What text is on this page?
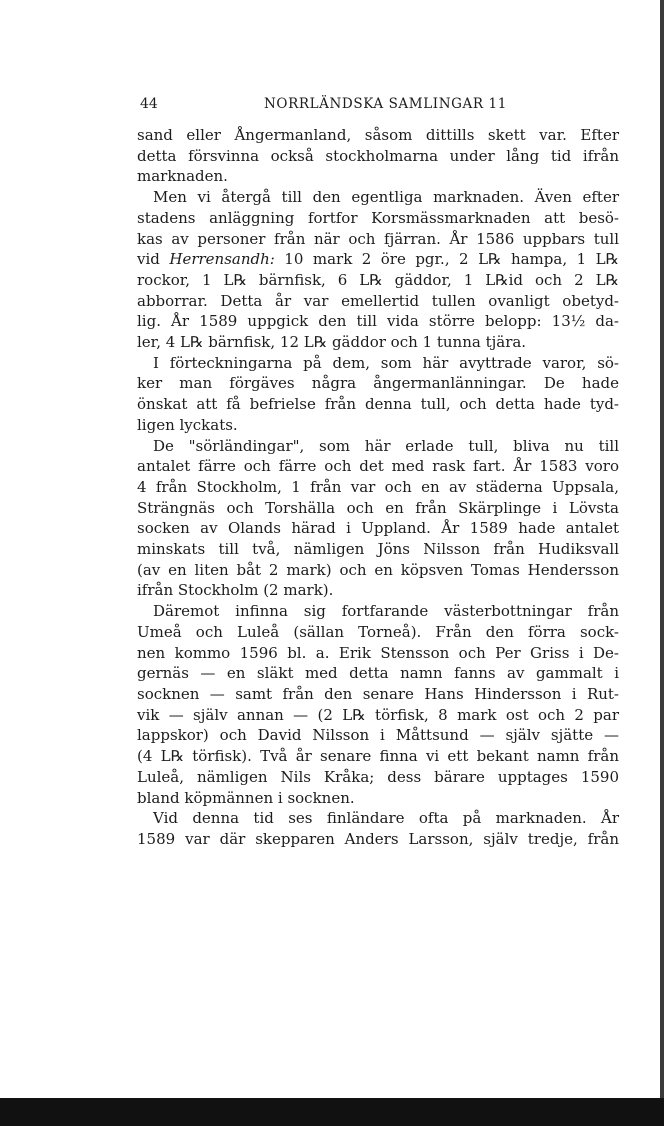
44	NORRLÄNDSKA SAMLINGAR 11
sand eller Ångermanland, såsom dittills skett var. Efter
detta försvinna också stockholmarna under lång tid ifrån
marknaden.
Men vi återgå till den egentliga marknaden. Även efter
stadens anläggning fortfor Korsmässmarknaden att besö-
kas av personer från när och fjärran. År 1586 uppbars tull
vid Herrensandh: 10 mark 2 öre pgr., 2 L℞ hampa, 1 L℞
rockor, 1 L℞ bärnfisk, 6 L℞ gäddor, 1 L℞id och 2 L℞
abborrar. Detta år var emellertid tullen ovanligt obetyd-
lig. År 1589 uppgick den till vida större belopp: 13½ da-
ler, 4 L℞ bärnfisk, 12 L℞ gäddor och 1 tunna tjära.
I förteckningarna på dem, som här avyttrade varor, sö-
ker man förgäves några ångermanlänningar. De hade
önskat att få befrielse från denna tull, och detta hade tyd-
ligen lyckats.
De "sörländingar", som här erlade tull, bliva nu till
antalet färre och färre och det med rask fart. År 1583 voro
4 från Stockholm, 1 från var och en av städerna Uppsala,
Strängnäs och Torshälla och en från Skärplinge i Lövsta
socken av Olands härad i Uppland. År 1589 hade antalet
minskats till två, nämligen Jöns Nilsson från Hudiksvall
(av en liten båt 2 mark) och en köpsven Tomas Hendersson
ifrån Stockholm (2 mark).
Däremot infinna sig fortfarande västerbottningar från
Umeå och Luleå (sällan Torneå). Från den förra sock-
nen kommo 1596 bl. a. Erik Stensson och Per Griss i De-
gernäs — en släkt med detta namn fanns av gammalt i
socknen — samt från den senare Hans Hindersson i Rut-
vik — själv annan — (2 L℞ törfisk, 8 mark ost och 2 par
lappskor) och David Nilsson i Måttsund — själv sjätte —
(4 L℞ törfisk). Två år senare finna vi ett bekant namn från
Luleå, nämligen Nils Kråka; dess bärare upptages 1590
bland köpmännen i socknen.
Vid denna tid ses finländare ofta på marknaden. År
1589 var där skepparen Anders Larsson, själv tredje, från
